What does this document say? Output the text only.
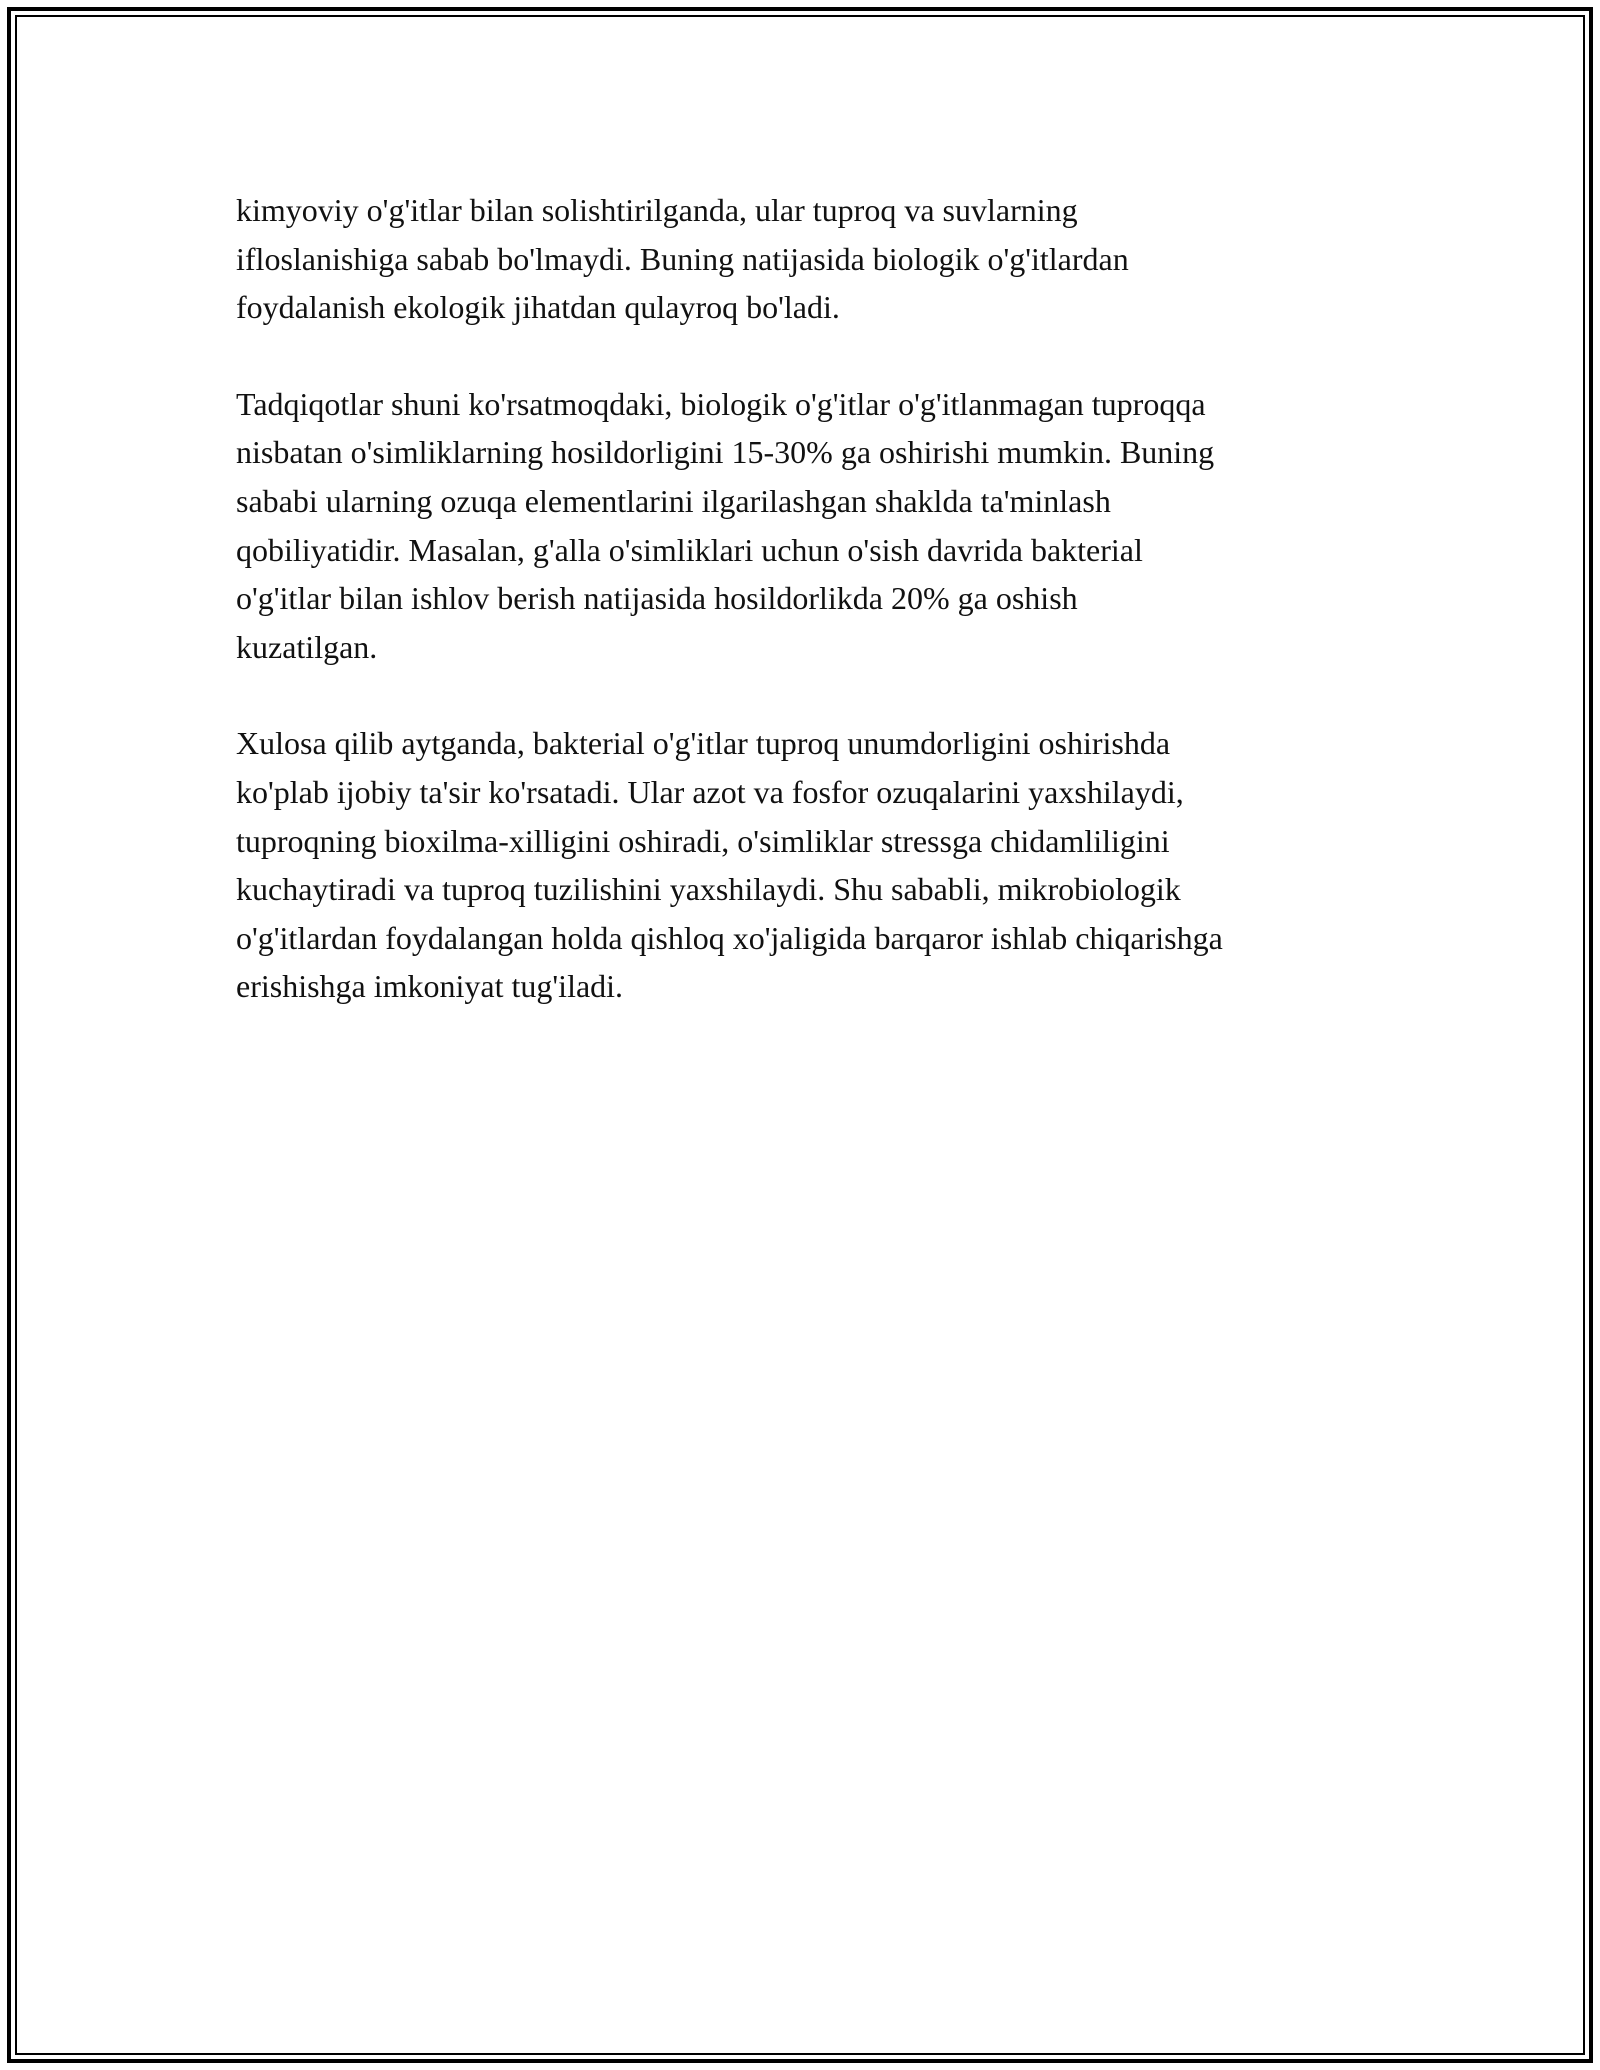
kimyoviy o'g'itlar bilan solishtirilganda, ular tuproq va suvlarning
ifloslanishiga sabab bo'lmaydi. Buning natijasida biologik o'g'itlardan
foydalanish ekologik jihatdan qulayroq bo'ladi.

Tadqiqotlar shuni ko'rsatmoqdaki, biologik o'g'itlar o'g'itlanmagan tuproqqa
nisbatan o'simliklarning hosildorligini 15-30% ga oshirishi mumkin. Buning
sababi ularning ozuqa elementlarini ilgarilashgan shaklda ta'minlash
qobiliyatidir. Masalan, g'alla o'simliklari uchun o'sish davrida bakterial
o'g'itlar bilan ishlov berish natijasida hosildorlikda 20% ga oshish
kuzatilgan.

Xulosa qilib aytganda, bakterial o'g'itlar tuproq unumdorligini oshirishda
ko'plab ijobiy ta'sir ko'rsatadi. Ular azot va fosfor ozuqalarini yaxshilaydi,
tuproqning bioxilma-xilligini oshiradi, o'simliklar stressga chidamliligini
kuchaytiradi va tuproq tuzilishini yaxshilaydi. Shu sababli, mikrobiologik
o'g'itlardan foydalangan holda qishloq xo'jaligida barqaror ishlab chiqarishga
erishishga imkoniyat tug'iladi.
